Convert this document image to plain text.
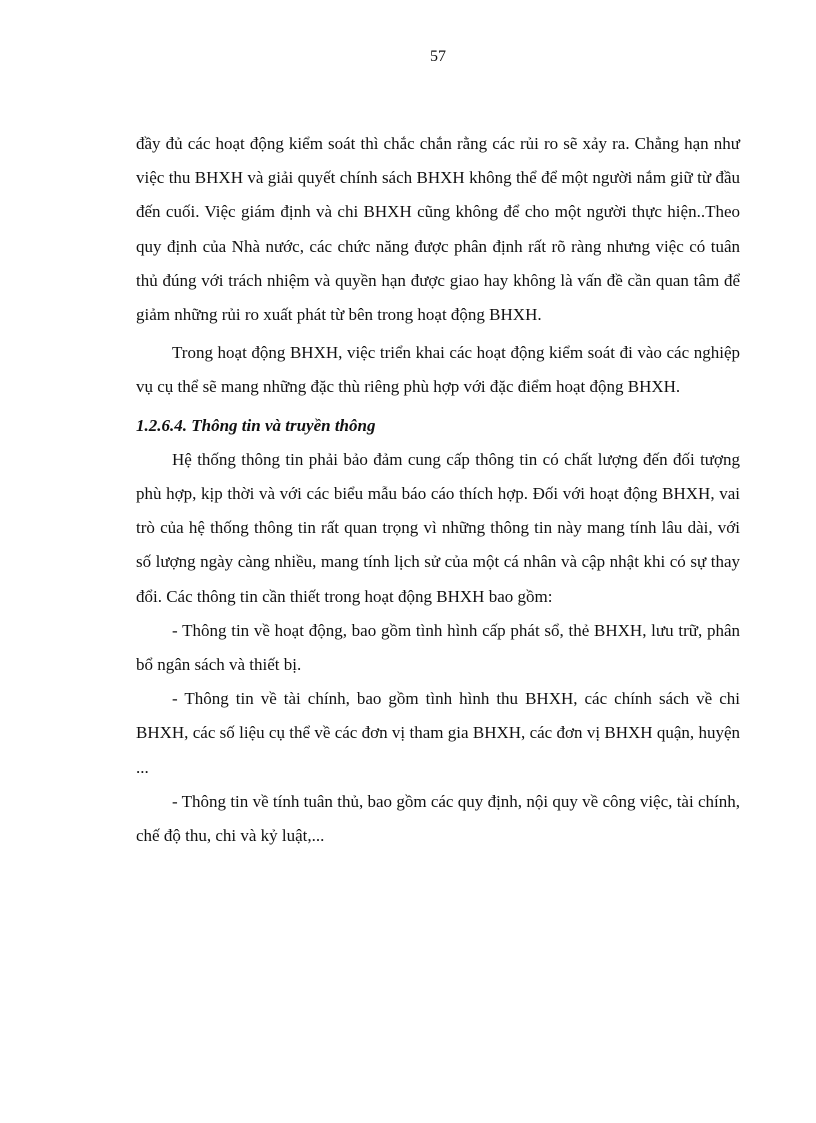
57

đầy đủ các hoạt động kiểm soát thì chắc chắn rằng các rủi ro sẽ xảy ra. Chẳng hạn như việc thu BHXH và giải quyết chính sách BHXH không thể để một người nắm giữ từ đầu đến cuối. Việc giám định và chi BHXH cũng không để cho một người thực hiện..Theo quy định của Nhà nước, các chức năng được phân định rất rõ ràng nhưng việc có tuân thủ đúng với trách nhiệm và quyền hạn được giao hay không là vấn đề cần quan tâm để giảm những rủi ro xuất phát từ bên trong hoạt động BHXH.

Trong hoạt động BHXH, việc triển khai các hoạt động kiểm soát đi vào các nghiệp vụ cụ thể sẽ mang những đặc thù riêng phù hợp với đặc điểm hoạt động BHXH.

1.2.6.4. Thông tin và truyền thông

Hệ thống thông tin phải bảo đảm cung cấp thông tin có chất lượng đến đối tượng phù hợp, kịp thời và với các biểu mẫu báo cáo thích hợp. Đối với hoạt động BHXH, vai trò của hệ thống thông tin rất quan trọng vì những thông tin này mang tính lâu dài, với số lượng ngày càng nhiều, mang tính lịch sử của một cá nhân và cập nhật khi có sự thay đổi. Các thông tin cần thiết trong hoạt động BHXH bao gồm:

- Thông tin về hoạt động, bao gồm tình hình cấp phát sổ, thẻ BHXH, lưu trữ, phân bổ ngân sách và thiết bị.

- Thông tin về tài chính, bao gồm tình hình thu BHXH, các chính sách về chi BHXH, các số liệu cụ thể về các đơn vị tham gia BHXH, các đơn vị BHXH quận, huyện ...

- Thông tin về tính tuân thủ, bao gồm các quy định, nội quy về công việc, tài chính, chế độ thu, chi và kỷ luật,...
